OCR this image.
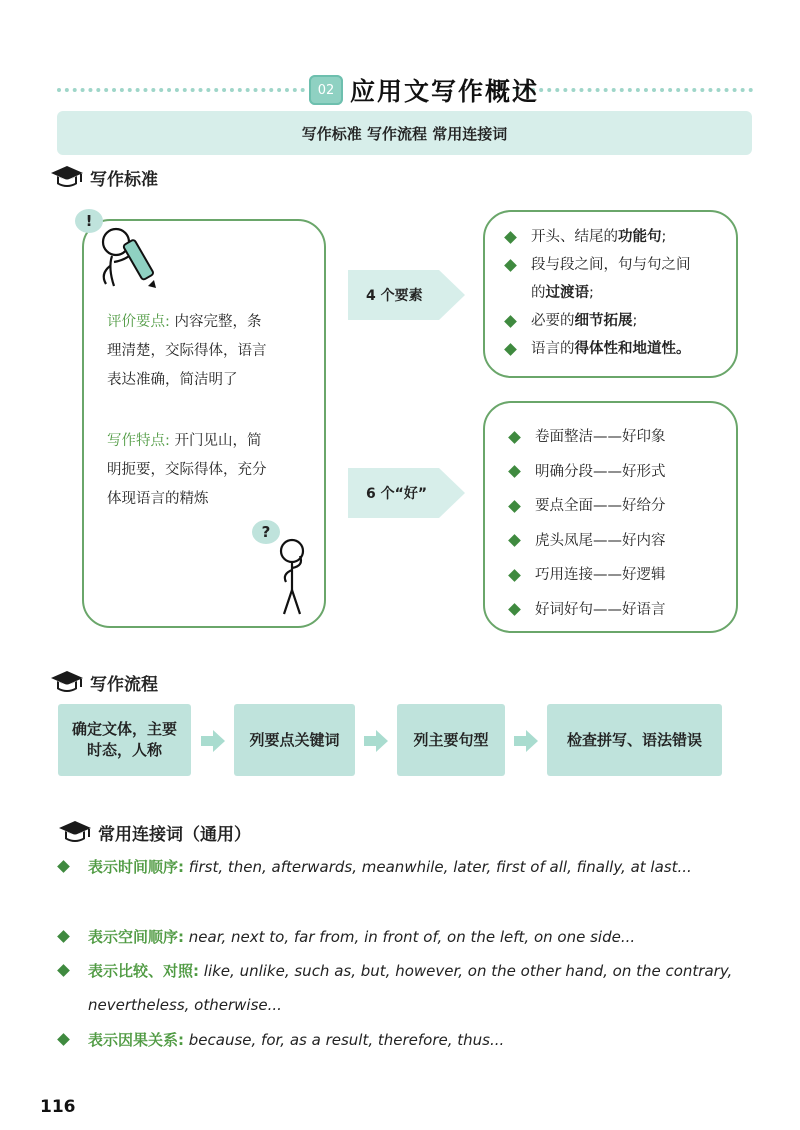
02 应用文写作概述
写作标准 写作流程 常用连接词
写作标准
!
评价要点: 内容完整，条
理清楚，交际得体，语言
表达准确，简洁明了
写作特点: 开门见山，简
明扼要，交际得体，充分
体现语言的精炼
?
4 个要素
6 个“好”
开头、结尾的功能句;
段与段之间，句与句之间
的过渡语;
必要的细节拓展;
语言的得体性和地道性。
卷面整洁——好印象
明确分段——好形式
要点全面——好给分
虎头凤尾——好内容
巧用连接——好逻辑
好词好句——好语言
写作流程
确定文体，主要
时态，人称
列要点关键词	列主要句型	检查拼写、语法错误
常用连接词（通用）
表示时间顺序: first, then, afterwards, meanwhile, later, first of all, finally, at last...
表示空间顺序: near, next to, far from, in front of, on the left, on one side...
表示比较、对照: like, unlike, such as, but, however, on the other hand, on the contrary, nevertheless, otherwise...
表示因果关系: because, for, as a result, therefore, thus...
116
